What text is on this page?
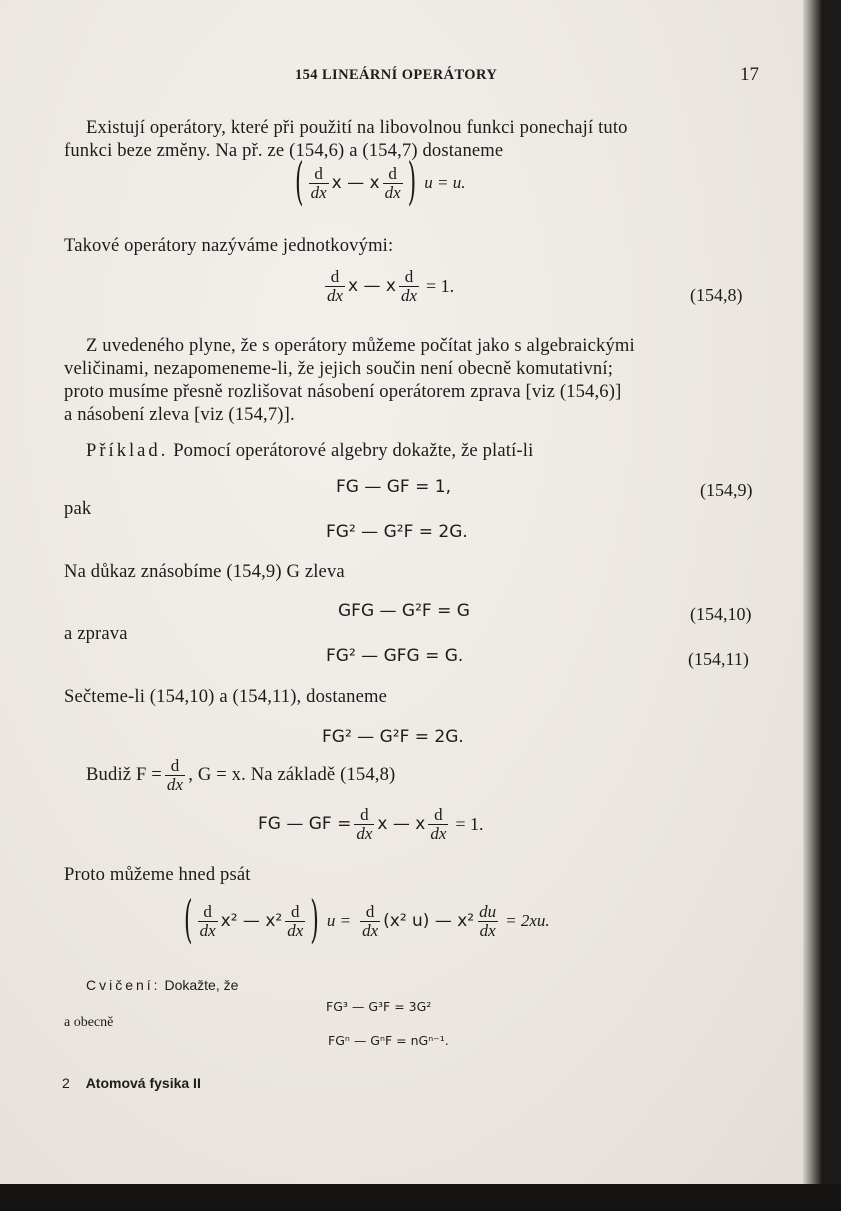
154 LINEÁRNÍ OPERÁTORY	17
Existují operátory, které při použití na libovolnou funkci ponechají tuto
funkci beze změny. Na př. ze (154,6) a (154,7) dostaneme
( $\frac{d}{dx}$ x — x $\frac{d}{dx}$ ) u = u.
Takové operátory nazýváme jednotkovými:
$\frac{d}{dx}$ x — x $\frac{d}{dx} = 1$.	(154,8)
Z uvedeného plyne, že s operátory můžeme počítat jako s algebraickými
veličinami, nezapomeneme-li, že jejich součin není obecně komutativní;
proto musíme přesně rozlišovat násobení operátorem zprava [viz (154,6)]
a násobení zleva [viz (154,7)].
Příklad. Pomocí operátorové algebry dokažte, že platí-li
FG — GF = 1,	(154,9)
pak
FG² — G²F = 2G.
Na důkaz znásobíme (154,9) G zleva
GFG — G²F = G	(154,10)
a zprava
FG² — GFG = G.	(154,11)
Sečteme-li (154,10) a (154,11), dostaneme
FG² — G²F = 2G.
Budiž $F = \frac{d}{dx}$ , G = x. Na základě (154,8)
FG — GF = $\frac{d}{dx}$ x — x $\frac{d}{dx} = 1$.
Proto můžeme hned psát
( $\frac{d}{dx} x^2$ — $x^2 \frac{d}{dx}$ ) $u = \frac{d}{dx} (x^2$ u) — $x^2 \frac{du}{dx} = 2xu$.
Cvičení: Dokažte, že
FG³ — G³F = 3G²
a obecně
FGⁿ — GⁿF = nGⁿ⁻¹.
2 Atomová fysika II
